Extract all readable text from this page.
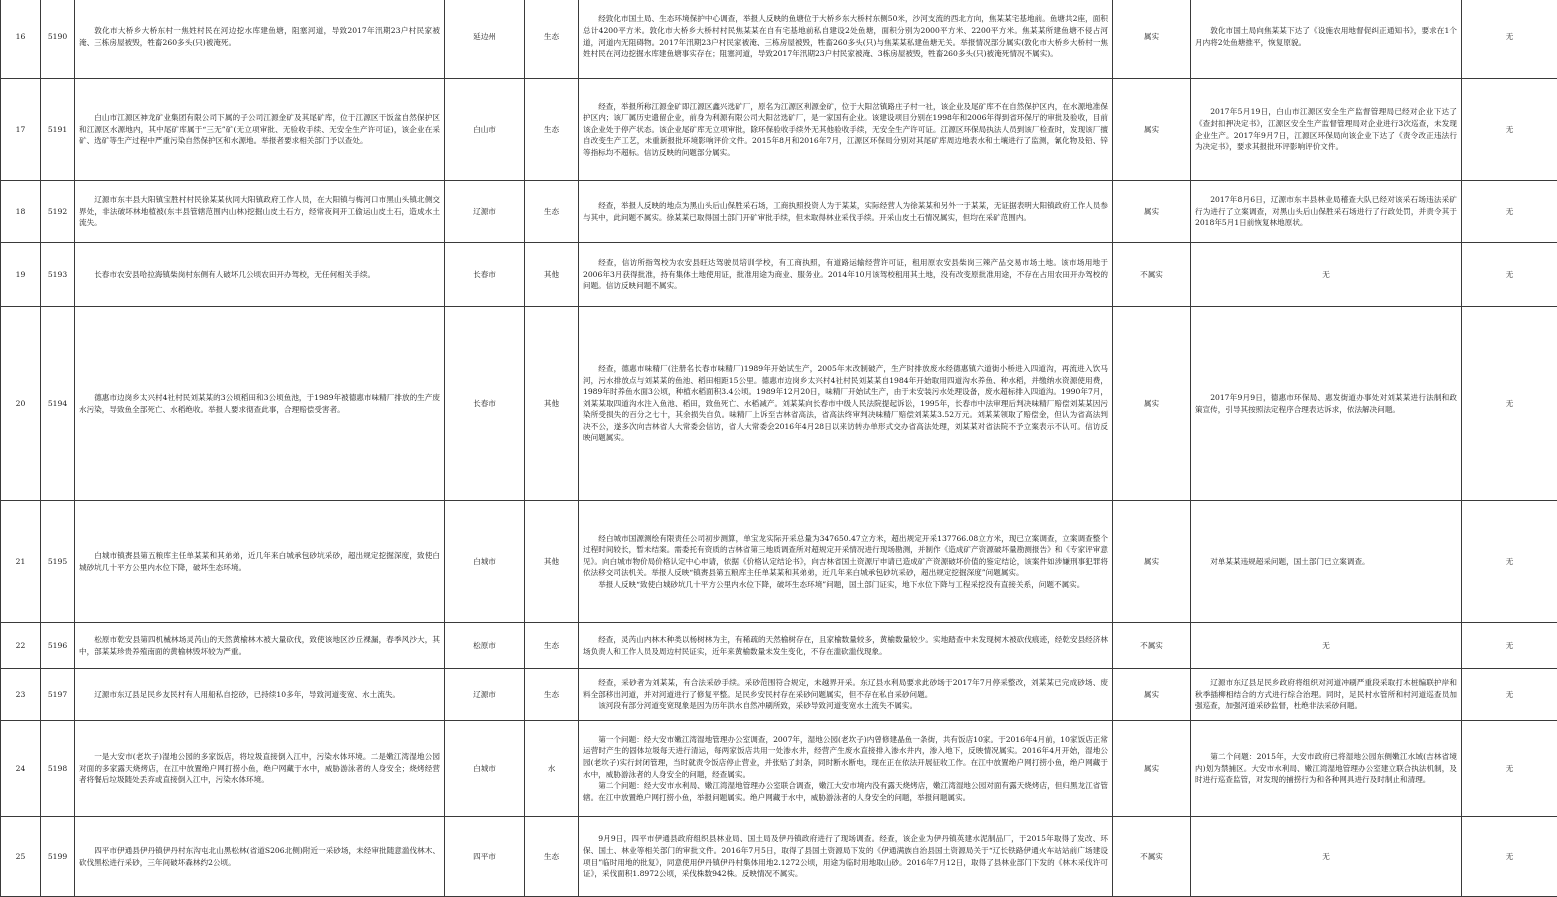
16	5190	敦化市大桥乡大桥东村一焦姓村民在河边挖水库建鱼塘，阻塞河道，导致2017年汛期23户村民家被淹、三栋房屋被毁，牲畜260多头(只)被淹死。	延边州	生态	经敦化市国土局、生态环境保护中心调查，举报人反映的鱼塘位于大桥乡东大桥村东侧50米，沙河支流的西北方向，焦某某宅基地前。鱼塘共2座，面积总计4200平方米。敦化市大桥乡大桥村村民焦某某在自有宅基地前私自建设2处鱼塘，面积分别为2000平方米、2200平方米。焦某某所建鱼塘不侵占河道，河道内无阻碍物。2017年汛期23户村民家被淹、三栋房屋被毁，牲畜260多头(只)与焦某某私建鱼塘无关。举报情况部分属实(敦化市大桥乡大桥村一焦姓村民在河边挖掘水库建鱼塘事实存在；阻塞河道，导致2017年汛期23户村民家被淹、3栋房屋被毁，牲畜260多头(只)被淹死情况不属实)。	属实	敦化市国土局向焦某某下达了《设施农用地督促纠正通知书》，要求在1个月内将2处鱼塘推平，恢复原貌。	无
17	5191	白山市江源区神龙矿业集团有限公司下属的子公司江源金矿及其尾矿库，位于江源区干饭盆自然保护区和江源区水源地内，其中尾矿库属于“三无”矿(无立项审批、无验收手续、无安全生产许可证)，该企业在采矿、选矿等生产过程中严重污染自然保护区和水源地。举报者要求相关部门予以查处。	白山市	生态	经查，举报所称江源金矿即江源区鑫兴选矿厂，原名为江源区利源金矿，位于大阳岔镇路庄子村一社，该企业及尾矿库不在自然保护区内，在水源地准保护区内；该厂属历史遗留企业，前身为利源有限公司大阳岔选矿厂，是一家国有企业。该建设项目分别在1998年和2006年得到省环保厅的审批及验收，目前该企业处于停产状态。该企业尾矿库无立项审批，除环保验收手续外无其他验收手续，无安全生产许可证。江源区环保局执法人员到该厂检查时，发现该厂擅自改变生产工艺，未重新报批环境影响评价文件。2015年8月和2016年7月，江源区环保局分别对其尾矿库周边地表水和土壤进行了监测，氰化物及铅、锌等指标均不超标。信访反映的问题部分属实。	属实	2017年5月19日，白山市江源区安全生产监督管理局已经对企业下达了《查封扣押决定书》，江源区安全生产监督管理局对企业进行3次巡查，未发现企业生产。2017年9月7日，江源区环保局向该企业下达了《责令改正违法行为决定书》，要求其报批环评影响评价文件。	无
18	5192	辽源市东丰县大阳镇宝胜村村民徐某某伙同大阳镇政府工作人员，在大阳镇与梅河口市黑山头镇北侧交界处，非法破坏林地植被(东丰县管辖范围内山林)挖掘山皮土石方，经常夜间开工偷运山皮土石，造成水土流失。	辽源市	生态	经查，举报人反映的地点为黑山头后山保胜采石场，工商执照投资人为于某某，实际经营人为徐某某和另外一于某某，无证据表明大阳镇政府工作人员参与其中，此问题不属实。徐某某已取得国土部门开矿审批手续，但未取得林业采伐手续。开采山皮土石情况属实，但均在采矿范围内。	属实	2017年8月6日，辽源市东丰县林业局稽查大队已经对该采石场违法采矿行为进行了立案调查，对黑山头后山保胜采石场进行了行政处罚，并责令其于2018年5月1日前恢复林地原状。	无
19	5193	长春市农安县哈拉海镇柴岗村东侧有人破坏几公顷农田开办驾校，无任何相关手续。	长春市	其他	经查，信访所指驾校为农安县旺达驾驶员培训学校，有工商执照，有道路运输经营许可证，租用原农安县柴岗三辣产品交易市场土地。该市场用地于2006年3月获得批准，持有集体土地使用证，批准用途为商业、服务业。2014年10月该驾校租用其土地，没有改变原批准用途，不存在占用农田开办驾校的问题。信访反映问题不属实。	不属实	无	无
20	5194	德惠市边岗乡太兴村4社村民刘某某的3公顷稻田和3公顷鱼池，于1989年被德惠市味精厂排放的生产废水污染，导致鱼全部死亡、水稻绝收。举报人要求彻查此事，合理赔偿受害者。	长春市	其他	经查，德惠市味精厂(注册名长春市味精厂)1989年开始试生产，2005年末改制破产，生产时排放废水经德惠镇六道街小桥进入四道沟，再流进入饮马河，污水排放点与刘某某的鱼池、稻田相距15公里。德惠市边岗乡太兴村4社村民刘某某自1984年开始取用四道沟水养鱼、种水稻，并缴纳水资源使用费，1989年时养鱼水面3公顷，种植水稻面积3.4公顷。1989年12月20日，味精厂开始试生产，由于未安装污水处理设备，废水超标排入四道沟。1990年7月，刘某某取四道沟水注入鱼池、稻田，致鱼死亡、水稻减产。刘某某向长春市中级人民法院提起诉讼，1995年，长春市中法审理后判决味精厂赔偿刘某某因污染所受损失的百分之七十，其余损失自负。味精厂上诉至吉林省高法，省高法终审判决味精厂赔偿刘某某3.52万元。刘某某领取了赔偿金，但认为省高法判决不公，遂多次向吉林省人大常委会信访，省人大常委会2016年4月28日以来访转办单形式交办省高法处理，刘某某对省法院不予立案表示不认可。信访反映问题属实。	属实	2017年9月9日，德惠市环保局、惠发街道办事处对刘某某进行法制和政策宣传，引导其按照法定程序合理表达诉求，依法解决问题。	无
21	5195	白城市镇赉县第五粮库主任单某某和其弟弟，近几年来白城承包砂坑采砂，超出规定挖掘深度，致使白城砂坑几十平方公里内水位下降，破坏生态环境。	白城市	其他	经白城市国源测绘有限责任公司初步测算，单宝龙实际开采总量为347650.47立方米，超出规定开采137766.08立方米，现已立案调查，立案调查整个过程时间较长，暂未结案。需委托有资质的吉林省第三地质调查所对超规定开采情况进行现场勘测，并制作《造成矿产资源破坏量勘测报告》和《专家评审意见》。向白城市物价局价格认定中心申请，依据《价格认定结论书》，向吉林省国土资源厅申请已造成矿产资源破坏价值的鉴定结论，该案件如涉嫌刑事犯罪将依法移交司法机关。举报人反映“镇赉县第五粮库主任单某某和其弟弟，近几年来白城承包砂坑采砂，超出规定挖掘深度”问题属实。
举报人反映“致使白城砂坑几十平方公里内水位下降，破坏生态环境”问题，国土部门证实，地下水位下降与工程采挖没有直接关系，问题不属实。	属实	对单某某违规超采问题，国土部门已立案调查。	无
22	5196	松原市乾安县第四机械林场灵芮山的天然黄榆林木被大量砍伐，致使该地区沙丘裸漏，春季风沙大，其中，部某某珍贵养殖南面的黄榆林毁坏较为严重。	松原市	生态	经查，灵芮山内林木种类以杨树林为主，有稀疏的天然榆树存在，且家榆数量较多，黄榆数量较少。实地踏查中未发现树木被砍伐痕迹，经乾安县经济林场负责人和工作人员及周边村民证实，近年来黄榆数量未发生变化，不存在滥砍滥伐现象。	不属实	无	无
23	5197	辽源市东辽县足民乡友民村有人用船私自挖砂，已持续10多年，导致河道变宽、水土流失。	辽源市	生态	经查，采砂者为刘某某，有合法采砂手续。采砂范围符合规定，未越界开采。东辽县水利局要求此砂场于2017年7月停采整改，刘某某已完成砂场、废料全部移出河道，并对河道进行了修复平整。足民乡安民村存在采砂问题属实，但不存在私自采砂问题。
该河段有部分河道变宽现象是因为历年洪水自然冲刷所致，采砂导致河道变宽水土流失不属实。	属实	辽源市东辽县足民乡政府将组织对河道冲刷严重段采取打木桩编联护岸和秋季插柳相结合的方式进行综合治理。同时，足民村水管所和村河道巡查员加强巡查，加强河道采砂监督，杜绝非法采砂问题。	无
24	5198	一是大安市(老坎子)湿地公园的多家饭店，将垃圾直接倒入江中，污染水体环境。二是嫩江湾湿地公园对面的多家露天烧烤店，在江中放置绝户网打捞小鱼，绝户网藏于水中，威胁游泳者的人身安全；烧烤经营者将餐后垃圾随处丢弃或直接倒入江中，污染水体环境。	白城市	水	第一个问题：经大安市嫩江湾湿地管理办公室调查，2007年，湿地公园(老坎子)内曾修建晶鱼一条街，共有饭店10家。于2016年4月前，10家饭店正常运营时产生的固体垃圾每天进行清运，每两家饭店共用一处渗水井，经营产生废水直接排入渗水井内，渗入地下，反映情况属实。2016年4月开始，湿地公园(老坎子)实行封闭管理，当时就责令饭店停止营业，并张贴了封条，同时断水断电，现在正在依法开展征收工作。在江中放置绝户网打捞小鱼，绝户网藏于水中，威胁游泳者的人身安全的问题，经查属实。
第二个问题：经大安市水利局、嫩江湾湿地管理办公室联合调查，嫩江大安市境内没有露天烧烤店，嫩江湾湿地公园对面有露天烧烤店，但归黑龙江省管辖。在江中放置绝户网打捞小鱼，举报问题属实。绝户网藏于水中，威胁游泳者的人身安全的问题，举报问题属实。	属实	第二个问题：2015年，大安市政府已将湿地公园东侧嫩江水域(吉林省境内)划为禁捕区。大安市水利局、嫩江湾湿地管理办公室建立联合执法机制，及时进行巡查监管，对发现的捕捞行为和各种网具进行及时制止和清理。	无
25	5199	四平市伊通县伊丹镇伊丹村东沟屯北山黑松林(省道S206北侧)附近一采砂场，未经审批随意滥伐林木、砍伐黑松进行采砂，三年间破坏森林约2公顷。	四平市	生态	9月9日，四平市伊通县政府组织县林业局、国土局及伊丹镇政府进行了现场调查。经查，该企业为伊丹镇英建水泥制品厂，于2015年取得了发改、环保、国土、林业等相关部门的审批文件。2016年7月5日，取得了县国土资源局下发的《伊通满族自治县国土资源局关于“辽长铁路伊通火车站站前广场建设项目”临时用地的批复》，同意使用伊丹镇伊丹村集体用地2.1272公顷，用途为临时用地取山砂。2016年7月12日，取得了县林业部门下发的《林木采伐许可证》，采伐面积1.8972公顷，采伐株数942株。反映情况不属实。	不属实	无	无
